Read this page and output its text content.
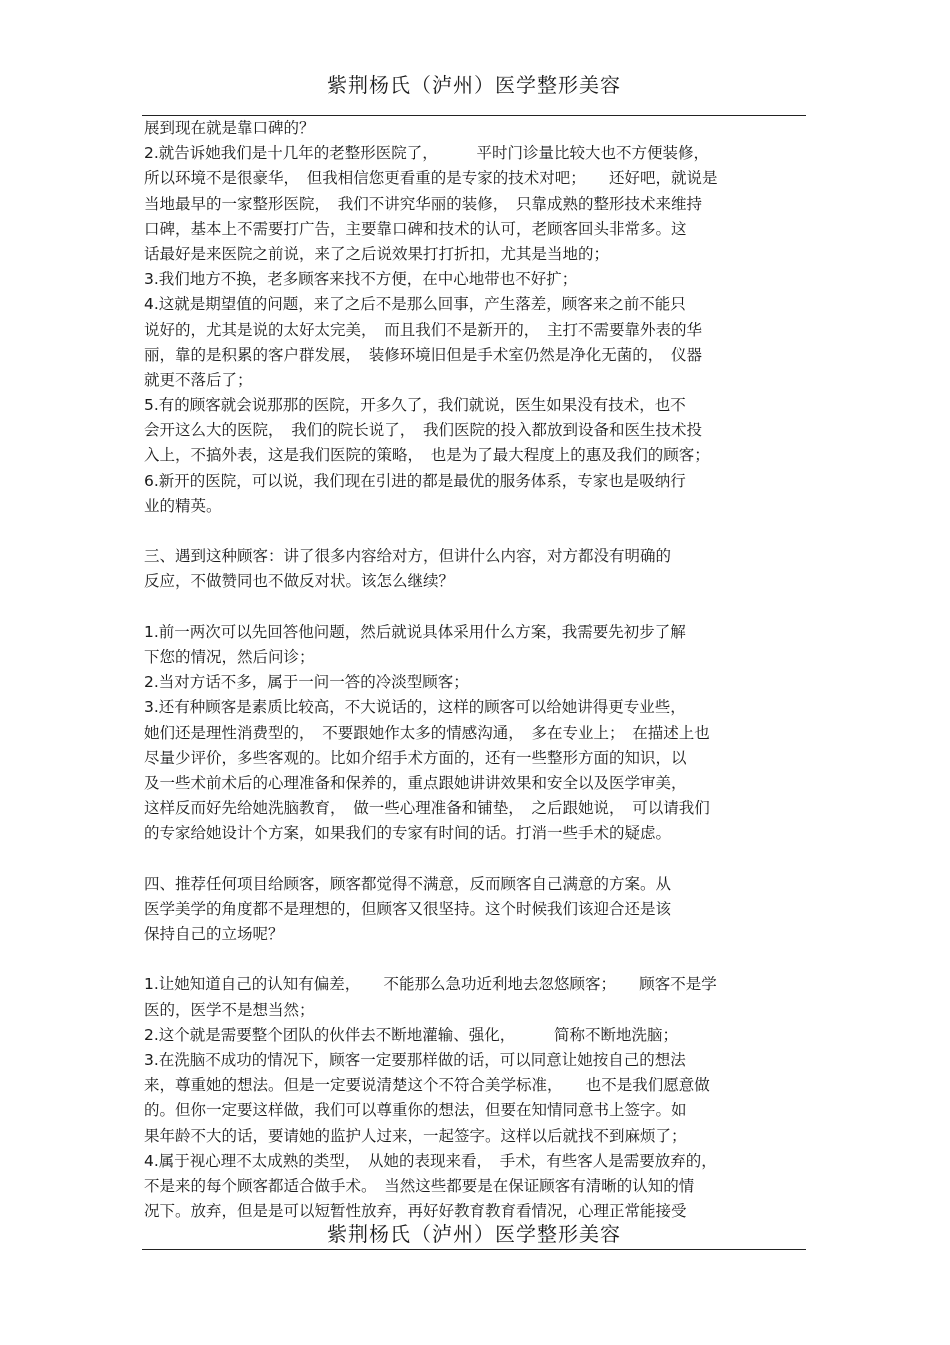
紫荆杨氏（泸州）医学整形美容
展到现在就是靠口碑的？
2.就告诉她我们是十几年的老整形医院了，　　　平时门诊量比较大也不方便装修，
所以环境不是很豪华，　但我相信您更看重的是专家的技术对吧；　　还好吧，就说是
当地最早的一家整形医院，　我们不讲究华丽的装修，　只靠成熟的整形技术来维持
口碑，基本上不需要打广告，主要靠口碑和技术的认可，老顾客回头非常多。这
话最好是来医院之前说，来了之后说效果打打折扣，尤其是当地的；
3.我们地方不换，老多顾客来找不方便，在中心地带也不好扩；
4.这就是期望值的问题，来了之后不是那么回事，产生落差，顾客来之前不能只
说好的，尤其是说的太好太完美，　而且我们不是新开的，　主打不需要靠外表的华
丽，靠的是积累的客户群发展，　装修环境旧但是手术室仍然是净化无菌的，　仪器
就更不落后了；
5.有的顾客就会说那那的医院，开多久了，我们就说，医生如果没有技术，也不
会开这么大的医院，　我们的院长说了，　我们医院的投入都放到设备和医生技术投
入上，不搞外表，这是我们医院的策略，　也是为了最大程度上的惠及我们的顾客；
6.新开的医院，可以说，我们现在引进的都是最优的服务体系，专家也是吸纳行
业的精英。
三、遇到这种顾客：讲了很多内容给对方，但讲什么内容，对方都没有明确的
反应，不做赞同也不做反对状。该怎么继续？
1.前一两次可以先回答他问题，然后就说具体采用什么方案，我需要先初步了解
下您的情况，然后问诊；
2.当对方话不多，属于一问一答的冷淡型顾客；
3.还有种顾客是素质比较高，不大说话的，这样的顾客可以给她讲得更专业些，
她们还是理性消费型的，　不要跟她作太多的情感沟通，　多在专业上；　在描述上也
尽量少评价，多些客观的。比如介绍手术方面的，还有一些整形方面的知识，以
及一些术前术后的心理准备和保养的，重点跟她讲讲效果和安全以及医学审美，
这样反而好先给她洗脑教育，　做一些心理准备和铺垫，　之后跟她说，　可以请我们
的专家给她设计个方案，如果我们的专家有时间的话。打消一些手术的疑虑。
四、推荐任何项目给顾客，顾客都觉得不满意，反而顾客自己满意的方案。从
医学美学的角度都不是理想的，但顾客又很坚持。这个时候我们该迎合还是该
保持自己的立场呢？
1.让她知道自己的认知有偏差，　　不能那么急功近利地去忽悠顾客；　　顾客不是学
医的，医学不是想当然；
2.这个就是需要整个团队的伙伴去不断地灌输、强化，　　　简称不断地洗脑；
3.在洗脑不成功的情况下，顾客一定要那样做的话，可以同意让她按自己的想法
来，尊重她的想法。但是一定要说清楚这个不符合美学标准，　　也不是我们愿意做
的。但你一定要这样做，我们可以尊重你的想法，但要在知情同意书上签字。如
果年龄不大的话，要请她的监护人过来，一起签字。这样以后就找不到麻烦了；
4.属于视心理不太成熟的类型，　从她的表现来看，　手术，有些客人是需要放弃的，
不是来的每个顾客都适合做手术。　当然这些都要是在保证顾客有清晰的认知的情
况下。放弃，但是是可以短暂性放弃，再好好教育教育看情况，心理正常能接受
紫荆杨氏（泸州）医学整形美容
